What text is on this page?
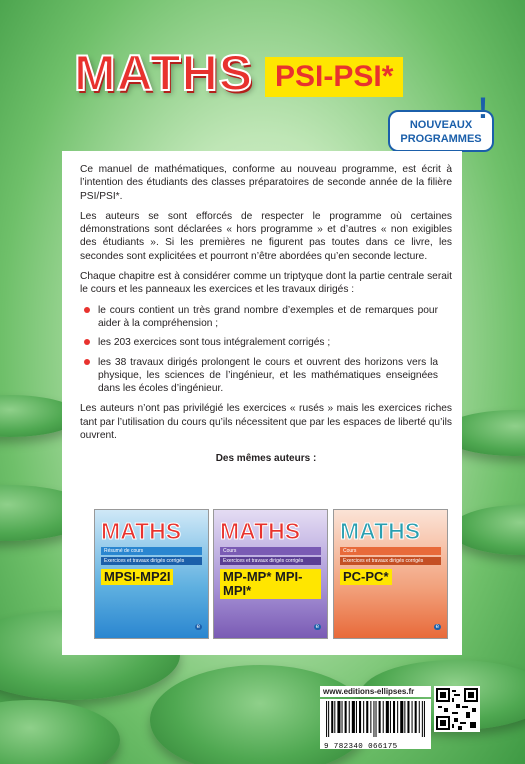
MATHS PSI-PSI*
NOUVEAUX
PROGRAMMES
!

Ce manuel de mathématiques, conforme au nouveau programme, est écrit à l’intention des étudiants des classes préparatoires de seconde année de la filière PSI/PSI*.

Les auteurs se sont efforcés de respecter le programme où certaines démonstrations sont déclarées « hors programme » et d’autres « non exigibles des étudiants ». Si les premières ne figurent pas toutes dans ce livre, les secondes sont explicitées et pourront n’être abordées qu’en seconde lecture.

Chaque chapitre est à considérer comme un triptyque dont la partie centrale serait le cours et les panneaux les exercices et les travaux dirigés :

le cours contient un très grand nombre d’exemples et de remarques pour aider à la compréhension ;
les 203 exercices sont tous intégralement corrigés ;
les 38 travaux dirigés prolongent le cours et ouvrent des horizons vers la physique, les sciences de l’ingénieur, et les mathématiques enseignées dans les écoles d’ingénieur.

Les auteurs n’ont pas privilégié les exercices « rusés » mais les exercices riches tant par l’utilisation du cours qu’ils nécessitent que par les espaces de liberté qu’ils ouvrent.

Des mêmes auteurs :
MATHS
Résumé de cours
Exercices et travaux dirigés corrigés
MPSI-MP2I
e
MATHS
Cours
Exercices et travaux dirigés corrigés
MP-MP* MPI-MPI*
e
MATHS
Cours
Exercices et travaux dirigés corrigés
PC-PC*
e
www.editions-ellipses.fr
9 782340 066175
